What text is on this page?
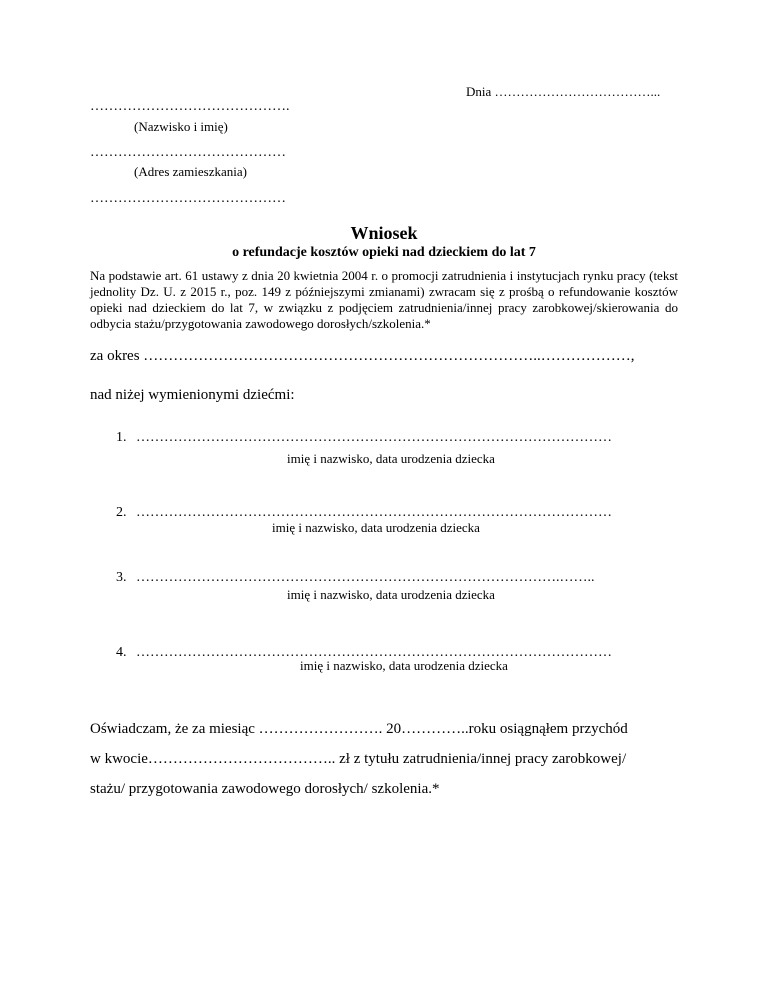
Dnia ………………………………...
…………………………………….
(Nazwisko i imię)
……………………………………
(Adres zamieszkania)
……………………………………
Wniosek
o refundacje kosztów opieki nad dzieckiem do lat 7
Na podstawie art. 61 ustawy z dnia 20 kwietnia 2004 r. o promocji zatrudnienia i instytucjach rynku pracy (tekst jednolity Dz. U. z 2015 r., poz. 149 z późniejszymi zmianami) zwracam się z prośbą o refundowanie kosztów opieki nad dzieckiem do lat 7, w związku z podjęciem zatrudnienia/innej pracy zarobkowej/skierowania do odbycia stażu/przygotowania zawodowego dorosłych/szkolenia.*
za okres ……………………………………………………………………..………………,
nad niżej wymienionymi dziećmi:
1. …………………………………………………………………………………………
imię i nazwisko, data urodzenia dziecka
2. …………………………………………………………………………………………
imię i nazwisko, data urodzenia dziecka
3. ……………………………………………………………………………….……..
imię i nazwisko, data urodzenia dziecka
4. …………………………………………………………………………………………
imię i nazwisko, data urodzenia dziecka
Oświadczam, że za miesiąc ……………………. 20…………..roku osiągnąłem przychód
w kwocie……………………………….. zł z tytułu zatrudnienia/innej pracy zarobkowej/
stażu/ przygotowania zawodowego dorosłych/ szkolenia.*
